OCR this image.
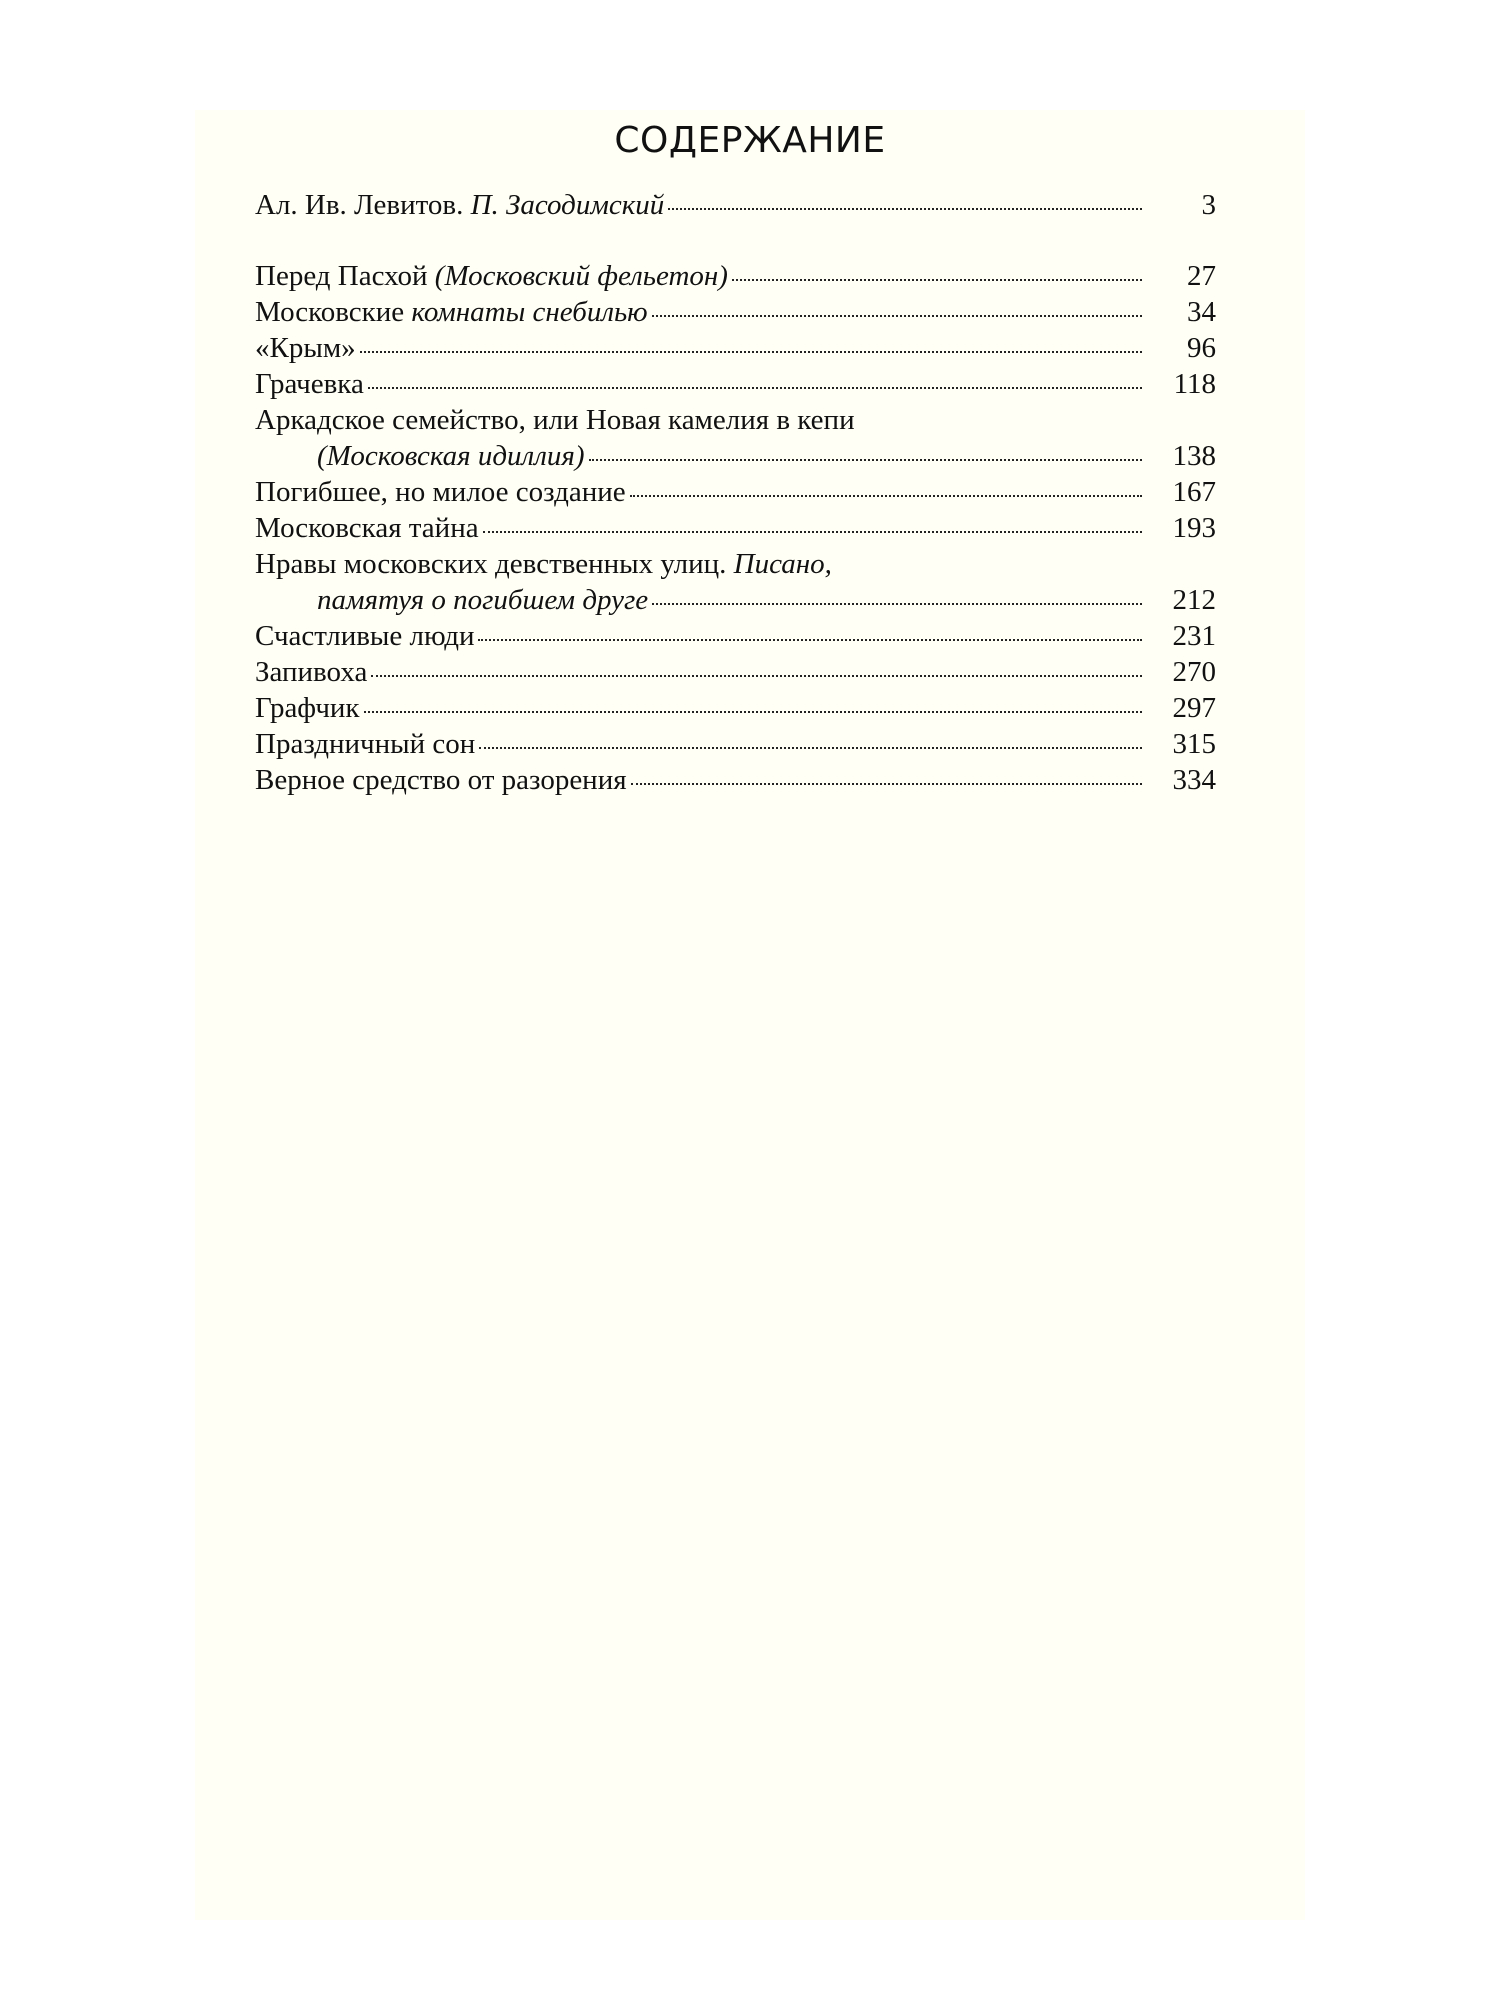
СОДЕРЖАНИЕ
Ал. Ив. Левитов. П. Засодимский	3
Перед Пасхой (Московский фельетон)	27
Московские комнаты снебилью	34
«Крым»	96
Грачевка	118
Аркадское семейство, или Новая камелия в кепи
(Московская идиллия)	138
Погибшее, но милое создание	167
Московская тайна	193
Нравы московских девственных улиц. Писано,
памятуя о погибшем друге	212
Счастливые люди	231
Запивоха	270
Графчик	297
Праздничный сон	315
Верное средство от разорения	334
